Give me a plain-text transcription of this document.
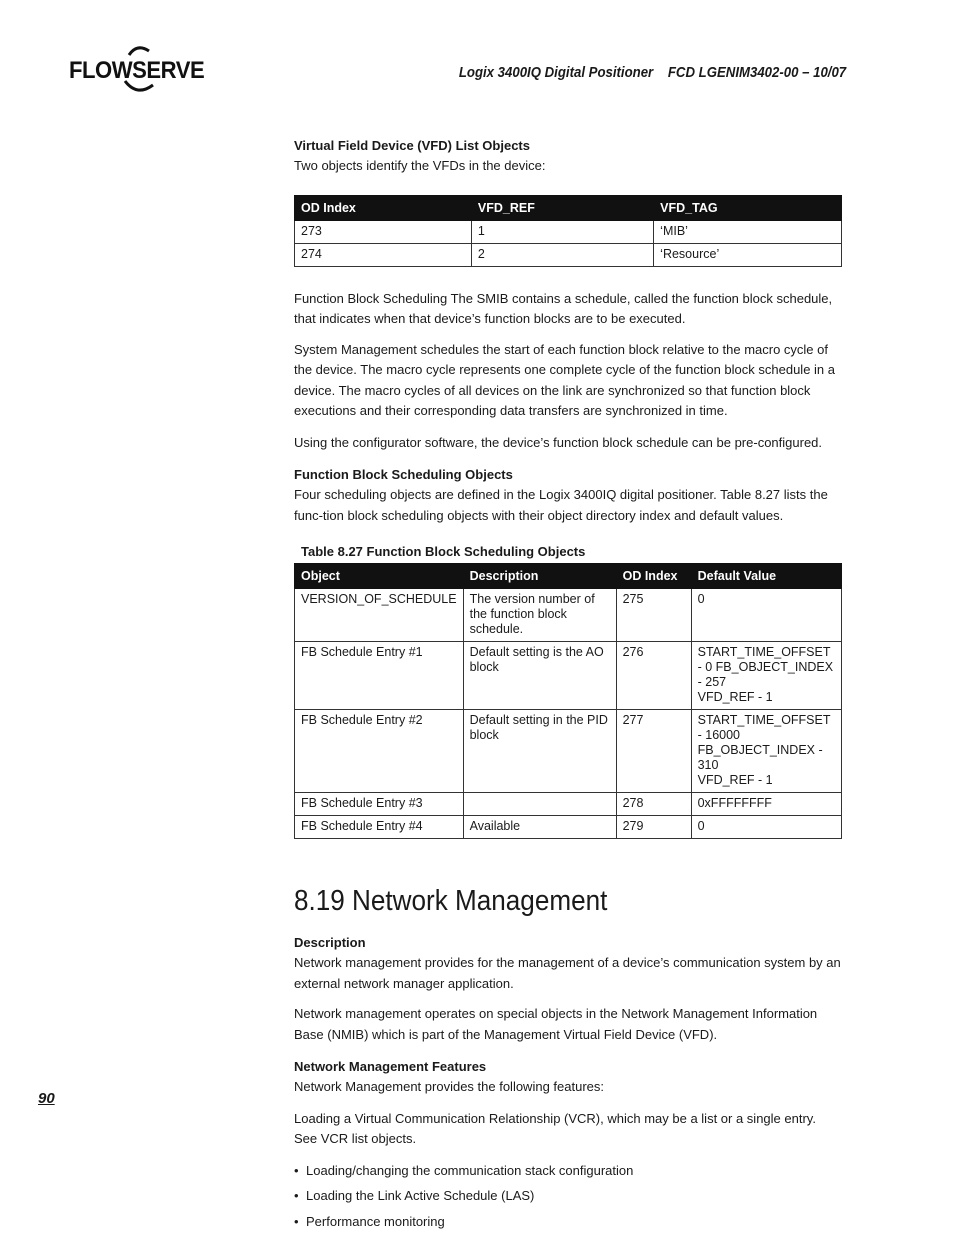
FLOWSERVE	Logix 3400IQ Digital Positioner    FCD LGENIM3402-00 – 10/07
Virtual Field Device (VFD) List Objects

Two objects identify the VFDs in the device:

OD Index	VFD_REF	VFD_TAG
273	1	‘MIB’
274	2	‘Resource’

Function Block Scheduling The SMIB contains a schedule, called the function block schedule, that indicates when that device’s function blocks are to be executed.

System Management schedules the start of each function block relative to the macro cycle of the device. The macro cycle represents one complete cycle of the function block schedule in a device. The macro cycles of all devices on the link are synchronized so that function block executions and their corresponding data transfers are synchronized in time.

Using the configurator software, the device’s function block schedule can be pre-configured.

Function Block Scheduling Objects

Four scheduling objects are defined in the Logix 3400IQ digital positioner. Table 8.27 lists the func-tion block scheduling objects with their object directory index and default values.

Table 8.27 Function Block Scheduling Objects
Object	Description	OD Index	Default Value
VERSION_OF_SCHEDULE	The version number of the function block schedule.	275	0
FB Schedule Entry #1	Default setting is the AO block	276	START_TIME_OFFSET
- 0 FB_OBJECT_INDEX - 257
VFD_REF - 1
FB Schedule Entry #2	Default setting in the PID block	277	START_TIME_OFFSET - 16000
FB_OBJECT_INDEX - 310
VFD_REF - 1
FB Schedule Entry #3		278	0xFFFFFFFF
FB Schedule Entry #4	Available	279	0
8.19 Network Management
Description

Network management provides for the management of a device’s communication system by an external network manager application.

Network management operates on special objects in the Network Management Information Base (NMIB) which is part of the Management Virtual Field Device (VFD).

Network Management Features

Network Management provides the following features:

Loading a Virtual Communication Relationship (VCR), which may be a list or a single entry. See VCR list objects.

• Loading/changing the communication stack configuration
• Loading the Link Active Schedule (LAS)
• Performance monitoring
90
